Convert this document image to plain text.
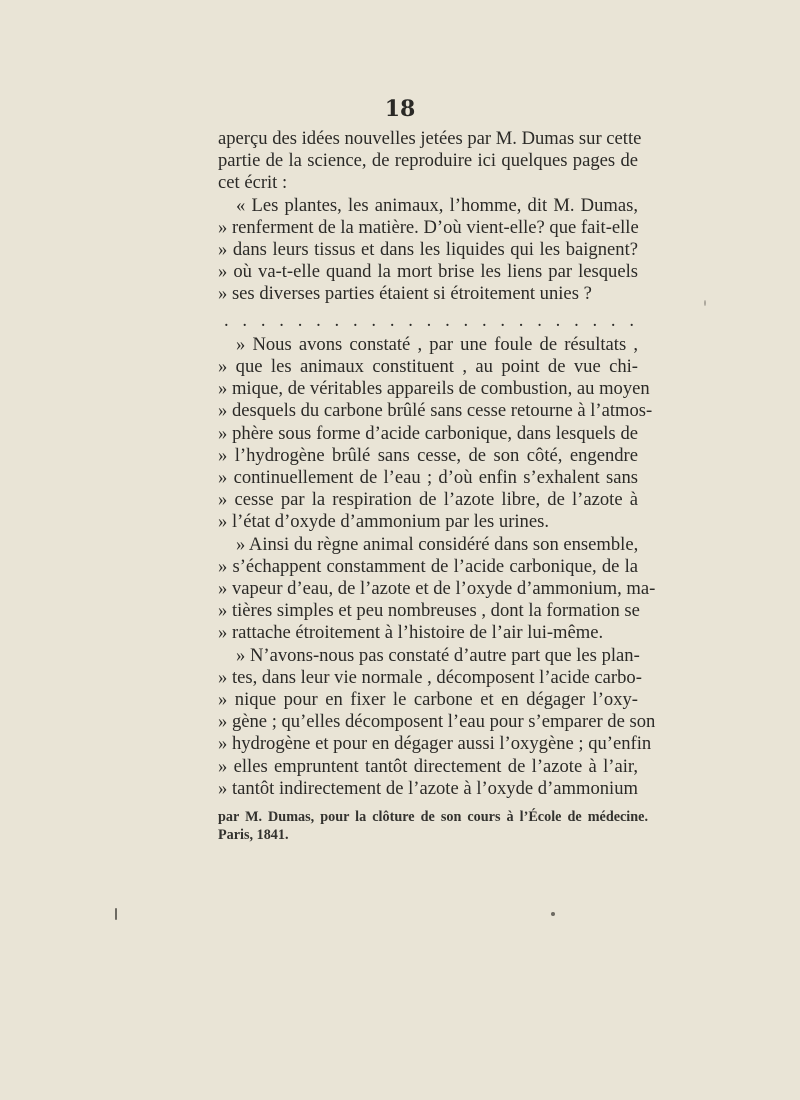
18
aperçu des idées nouvelles jetées par M. Dumas sur cette
partie de la science, de reproduire ici quelques pages de
cet écrit :
« Les plantes, les animaux, l’homme, dit M. Dumas,
» renferment de la matière. D’où vient-elle? que fait-elle
» dans leurs tissus et dans les liquides qui les baignent?
» où va-t-elle quand la mort brise les liens par lesquels
» ses diverses parties étaient si étroitement unies ?
. . . . . . . . . . . . . . . . . . . . . . .
» Nous avons constaté , par une foule de résultats ,
» que les animaux constituent , au point de vue chi-
» mique, de véritables appareils de combustion, au moyen
» desquels du carbone brûlé sans cesse retourne à l’atmos-
» phère sous forme d’acide carbonique, dans lesquels de
» l’hydrogène brûlé sans cesse, de son côté, engendre
» continuellement de l’eau ; d’où enfin s’exhalent sans
» cesse par la respiration de l’azote libre, de l’azote à
» l’état d’oxyde d’ammonium par les urines.
» Ainsi du règne animal considéré dans son ensemble,
» s’échappent constamment de l’acide carbonique, de la
» vapeur d’eau, de l’azote et de l’oxyde d’ammonium, ma-
» tières simples et peu nombreuses , dont la formation se
» rattache étroitement à l’histoire de l’air lui-même.
» N’avons-nous pas constaté d’autre part que les plan-
» tes, dans leur vie normale , décomposent l’acide carbo-
» nique pour en fixer le carbone et en dégager l’oxy-
» gène ; qu’elles décomposent l’eau pour s’emparer de son
» hydrogène et pour en dégager aussi l’oxygène ; qu’enfin
» elles empruntent tantôt directement de l’azote à l’air,
» tantôt indirectement de l’azote à l’oxyde d’ammonium
par M. Dumas, pour la clôture de son cours à l’École de médecine.
Paris, 1841.
